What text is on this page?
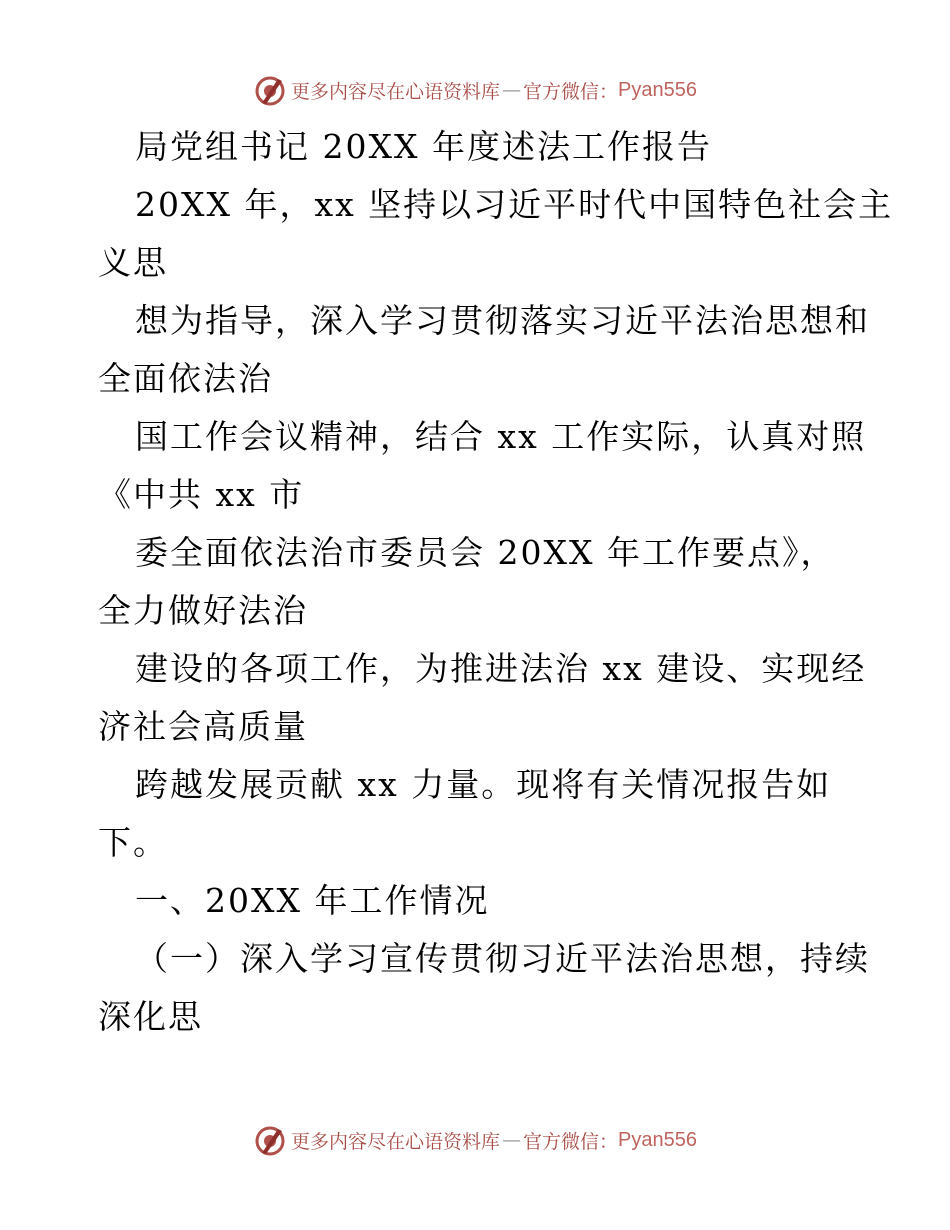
更多内容尽在心语资料库 — 官方微信： Pyan556
局党组书记 20XX 年度述法工作报告
20XX 年，xx 坚持以习近平时代中国特色社会主
义思
想为指导，深入学习贯彻落实习近平法治思想和
全面依法治
国工作会议精神，结合 xx 工作实际，认真对照
《中共 xx 市
委全面依法治市委员会 20XX 年工作要点》，
全力做好法治
建设的各项工作，为推进法治 xx 建设、实现经
济社会高质量
跨越发展贡献 xx 力量。现将有关情况报告如
下。
一、20XX 年工作情况
（一）深入学习宣传贯彻习近平法治思想，持续
深化思
更多内容尽在心语资料库 — 官方微信： Pyan556
